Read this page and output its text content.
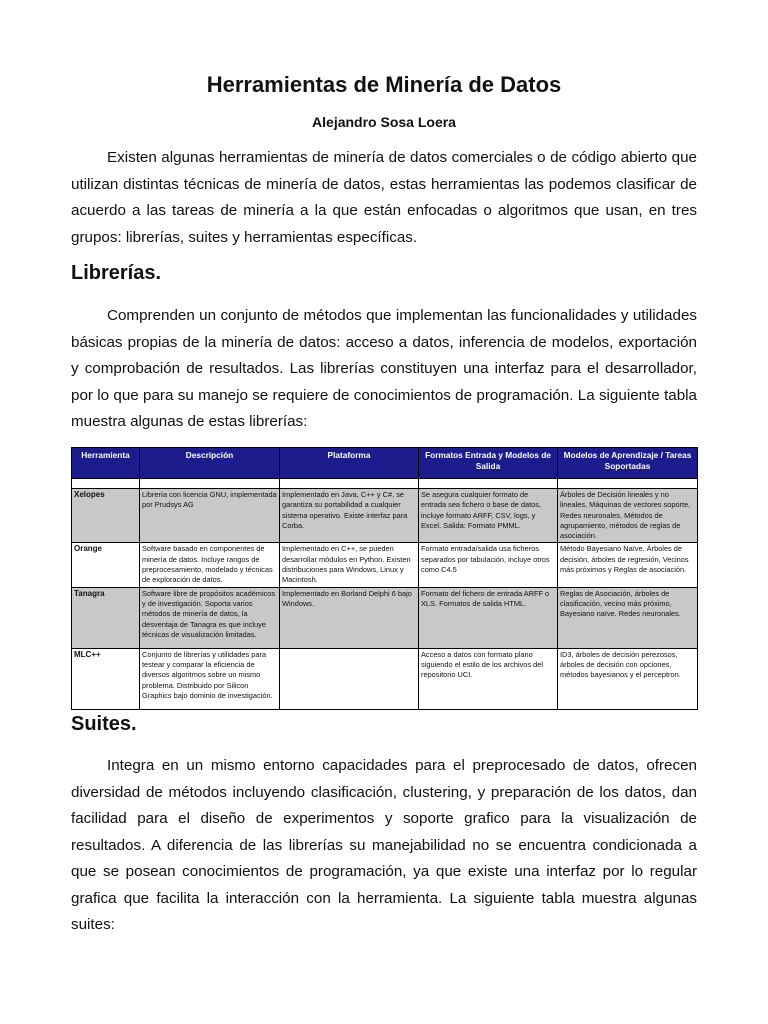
Herramientas de Minería de Datos
Alejandro Sosa Loera

Existen algunas herramientas de minería de datos comerciales o de código abierto que utilizan distintas técnicas de minería de datos, estas herramientas las podemos clasificar de acuerdo a las tareas de minería a la que están enfocadas o algoritmos que usan, en tres grupos: librerías, suites y herramientas específicas.

Librerías.

Comprenden un conjunto de métodos que implementan las funcionalidades y utilidades básicas propias de la minería de datos: acceso a datos, inferencia de modelos, exportación y comprobación de resultados. Las librerías constituyen una interfaz para el desarrollador, por lo que para su manejo se requiere de conocimientos de programación. La siguiente tabla muestra algunas de estas librerías:

Herramienta	Descripción	Plataforma	Formatos Entrada y Modelos de Salida	Modelos de Aprendizaje / Tareas Soportadas

Xelopes	Librería con licencia GNU, implementada por Prudsys AG	Implementado en Java, C++ y C#, se garantiza su portabilidad a cualquier sistema operativo. Existe interfaz para Corba.	Se asegura cualquier formato de entrada sea fichero o base de datos, incluye formato ARFF, CSV, logs, y Excel. Salida: Formato PMML.	Árboles de Decisión lineales y no lineales, Máquinas de vectores soporte, Redes neuronales, Métodos de agrupamiento, métodos de reglas de asociación.
Orange	Software basado en componentes de minería de datos. Incluye rangos de preprocesamiento, modelado y técnicas de exploración de datos.	Implementado en C++, se pueden desarrollar módulos en Python. Existen distribuciones para Windows, Linux y Macintosh.	Formato entrada/salida usa ficheros separados por tabulación, incluye otros como C4.5	Método Bayesiano Naïve. Árboles de decisión, árboles de regresión, Vecinos más próximos y Reglas de asociación.
Tanagra	Software libre de propósitos académicos y de investigación. Soporta varios métodos de minería de datos, la desventaja de Tanagra es que incluye técnicas de visualización limitadas.	Implementado en Borland Delphi 6 bajo Windows.	Formato del fichero de entrada ARFF o XLS. Formatos de salida HTML.	Reglas de Asociación, árboles de clasificación, vecino más próximo, Bayesiano naïve. Redes neuronales.
MLC++	Conjunto de librerías y utilidades para testear y comparar la eficiencia de diversos algoritmos sobre un mismo problema. Distribuido por Silicon Graphics bajo dominio de investigación.		Acceso a datos con formato plano siguiendo el estilo de los archivos del repositorio UCI.	ID3, árboles de decisión perezosos, árboles de decisión con opciones, métodos bayesianos y el perceptron.
Suites.

Integra en un mismo entorno capacidades para el preprocesado de datos, ofrecen diversidad de métodos incluyendo clasificación, clustering, y preparación de los datos, dan facilidad para el diseño de experimentos y soporte grafico para la visualización de resultados. A diferencia de las librerías su manejabilidad no se encuentra condicionada a que se posean conocimientos de programación, ya que existe una interfaz por lo regular grafica que facilita la interacción con la herramienta. La siguiente tabla muestra algunas suites:
